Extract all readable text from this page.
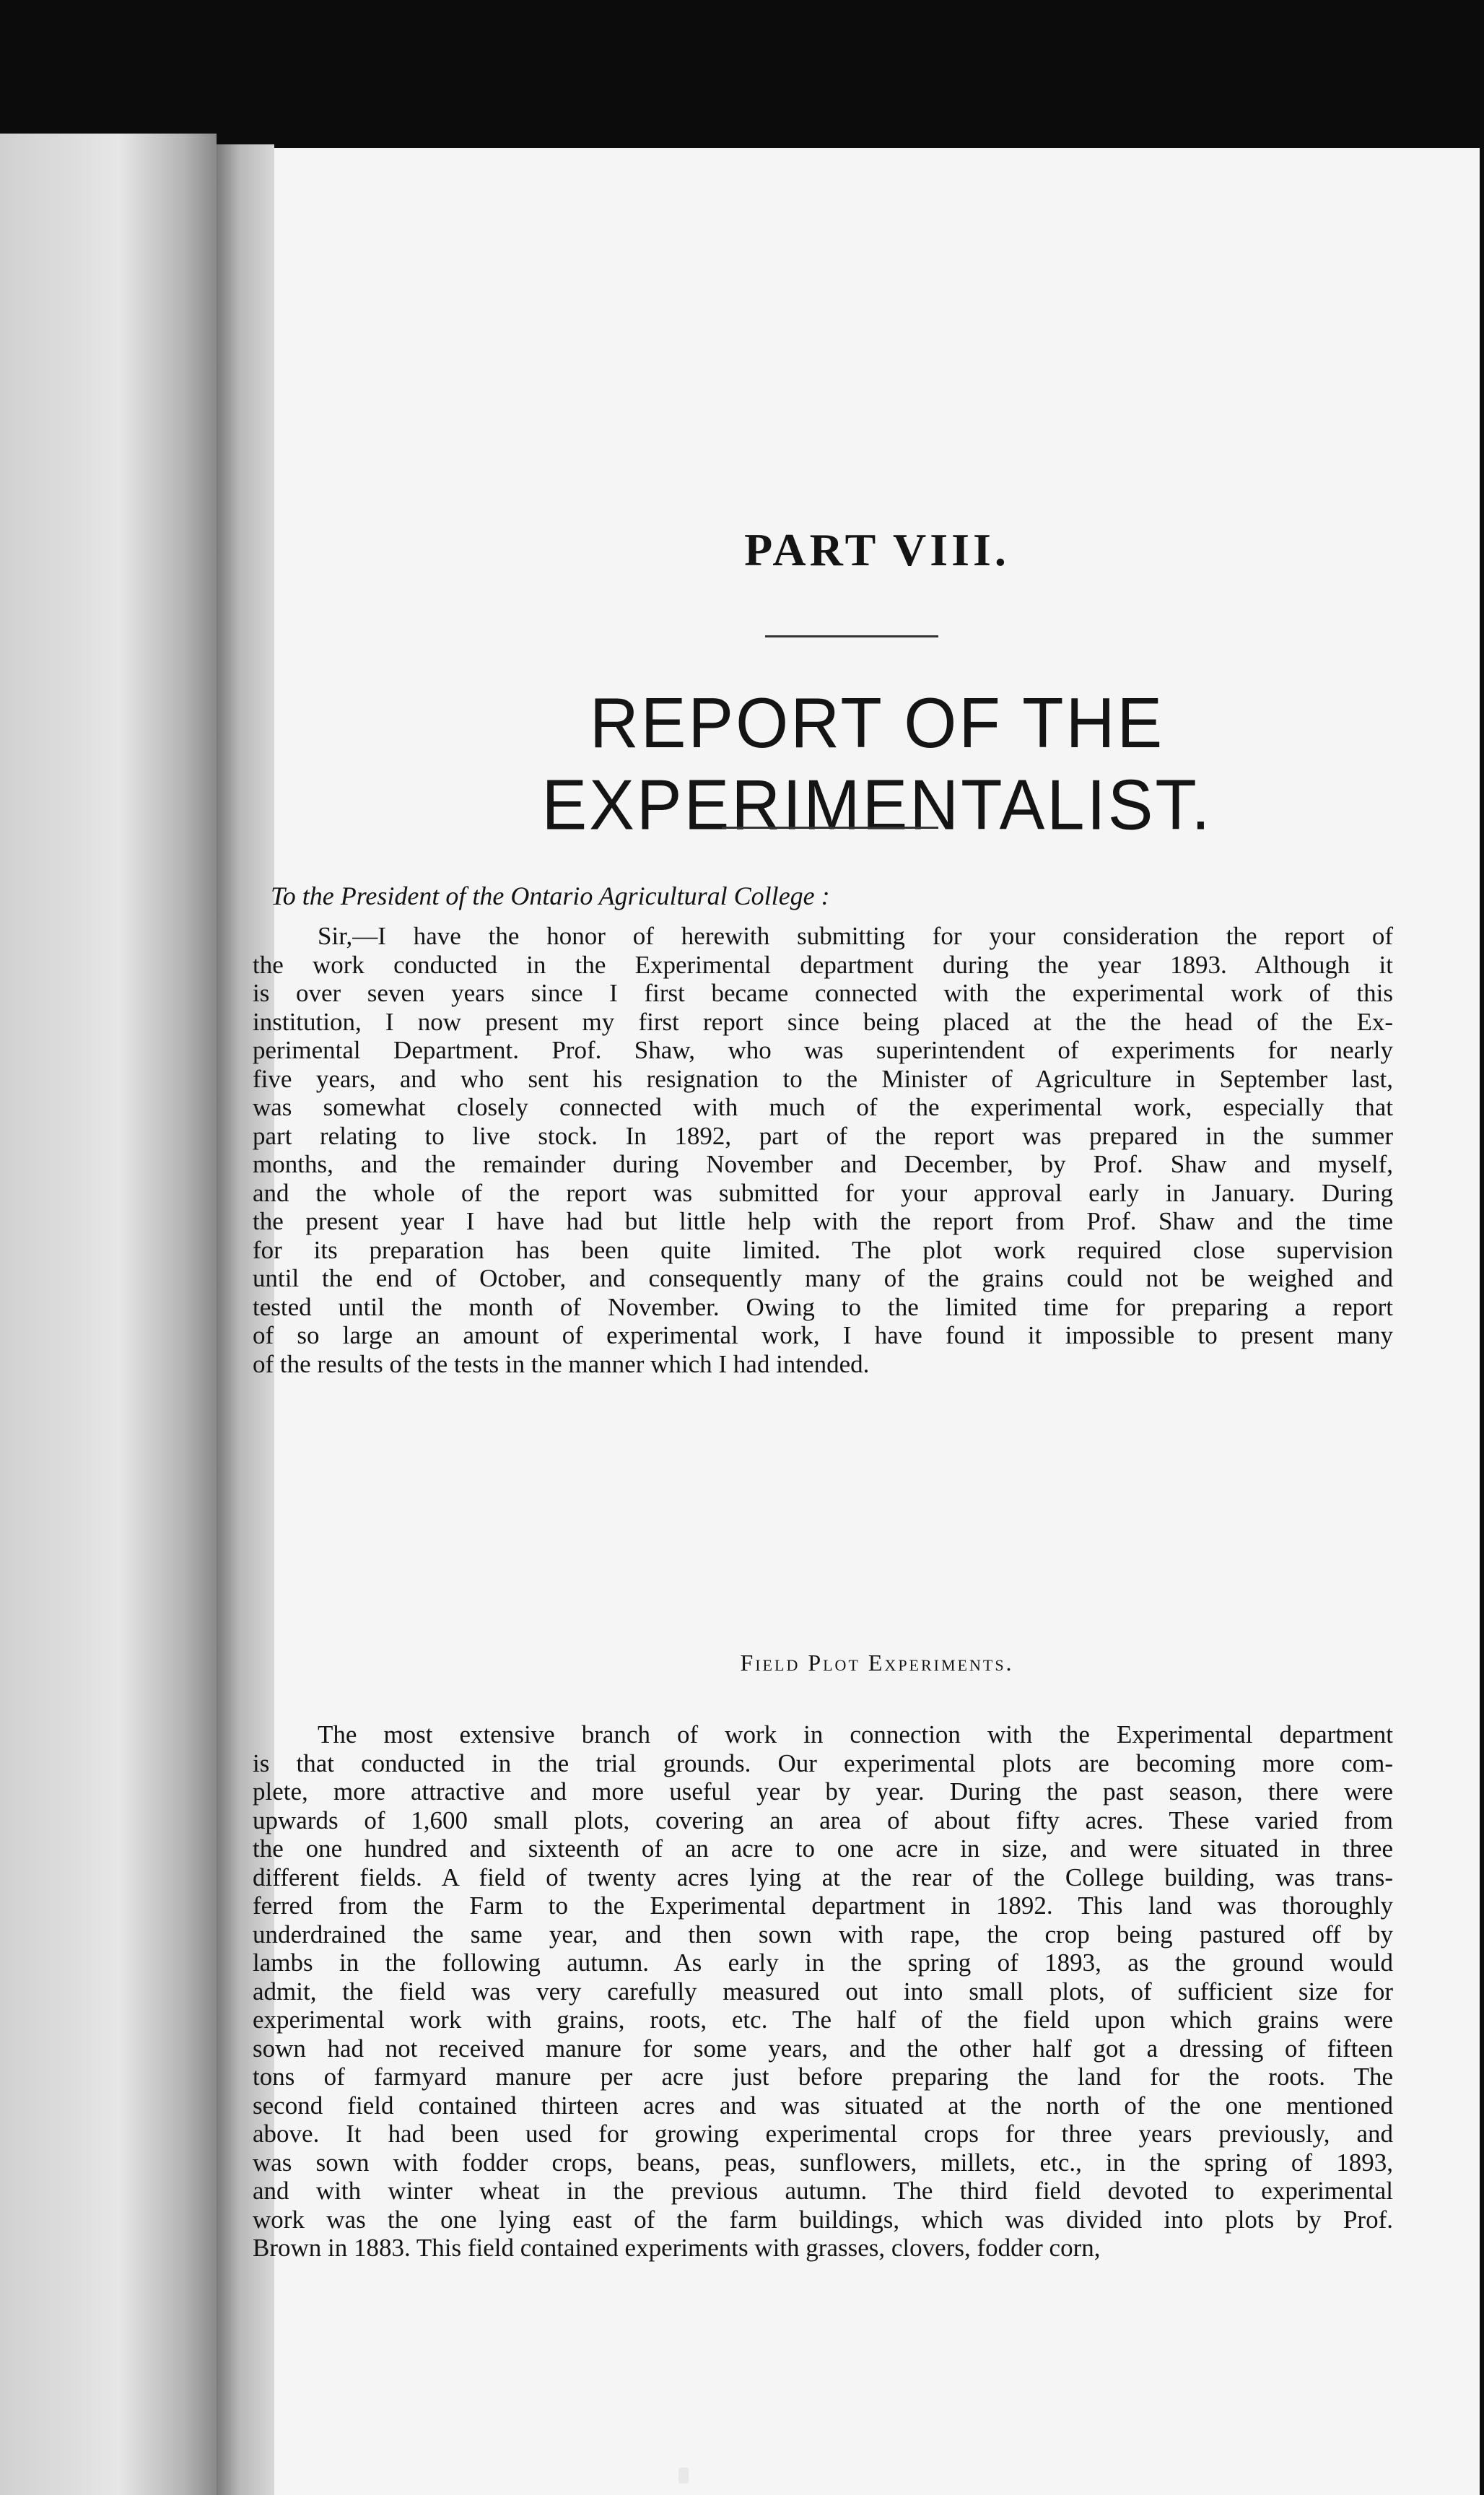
PART VIII.
REPORT OF THE EXPERIMENTALIST.
To the President of the Ontario Agricultural College :
Sir,—I have the honor of herewith submitting for your consideration the report of
the work conducted in the Experimental department during the year 1893. Although it
is over seven years since I first became connected with the experimental work of this
institution, I now present my first report since being placed at the the head of the Ex-
perimental Department. Prof. Shaw, who was superintendent of experiments for nearly
five years, and who sent his resignation to the Minister of Agriculture in September last,
was somewhat closely connected with much of the experimental work, especially that
part relating to live stock. In 1892, part of the report was prepared in the summer
months, and the remainder during November and December, by Prof. Shaw and myself,
and the whole of the report was submitted for your approval early in January. During
the present year I have had but little help with the report from Prof. Shaw and the time
for its preparation has been quite limited. The plot work required close supervision
until the end of October, and consequently many of the grains could not be weighed and
tested until the month of November. Owing to the limited time for preparing a report
of so large an amount of experimental work, I have found it impossible to present many
of the results of the tests in the manner which I had intended.
Field Plot Experiments.
The most extensive branch of work in connection with the Experimental department
is that conducted in the trial grounds. Our experimental plots are becoming more com-
plete, more attractive and more useful year by year. During the past season, there were
upwards of 1,600 small plots, covering an area of about fifty acres. These varied from
the one hundred and sixteenth of an acre to one acre in size, and were situated in three
different fields. A field of twenty acres lying at the rear of the College building, was trans-
ferred from the Farm to the Experimental department in 1892. This land was thoroughly
underdrained the same year, and then sown with rape, the crop being pastured off by
lambs in the following autumn. As early in the spring of 1893, as the ground would
admit, the field was very carefully measured out into small plots, of sufficient size for
experimental work with grains, roots, etc. The half of the field upon which grains were
sown had not received manure for some years, and the other half got a dressing of fifteen
tons of farmyard manure per acre just before preparing the land for the roots. The
second field contained thirteen acres and was situated at the north of the one mentioned
above. It had been used for growing experimental crops for three years previously, and
was sown with fodder crops, beans, peas, sunflowers, millets, etc., in the spring of 1893,
and with winter wheat in the previous autumn. The third field devoted to experimental
work was the one lying east of the farm buildings, which was divided into plots by Prof.
Brown in 1883. This field contained experiments with grasses, clovers, fodder corn,
